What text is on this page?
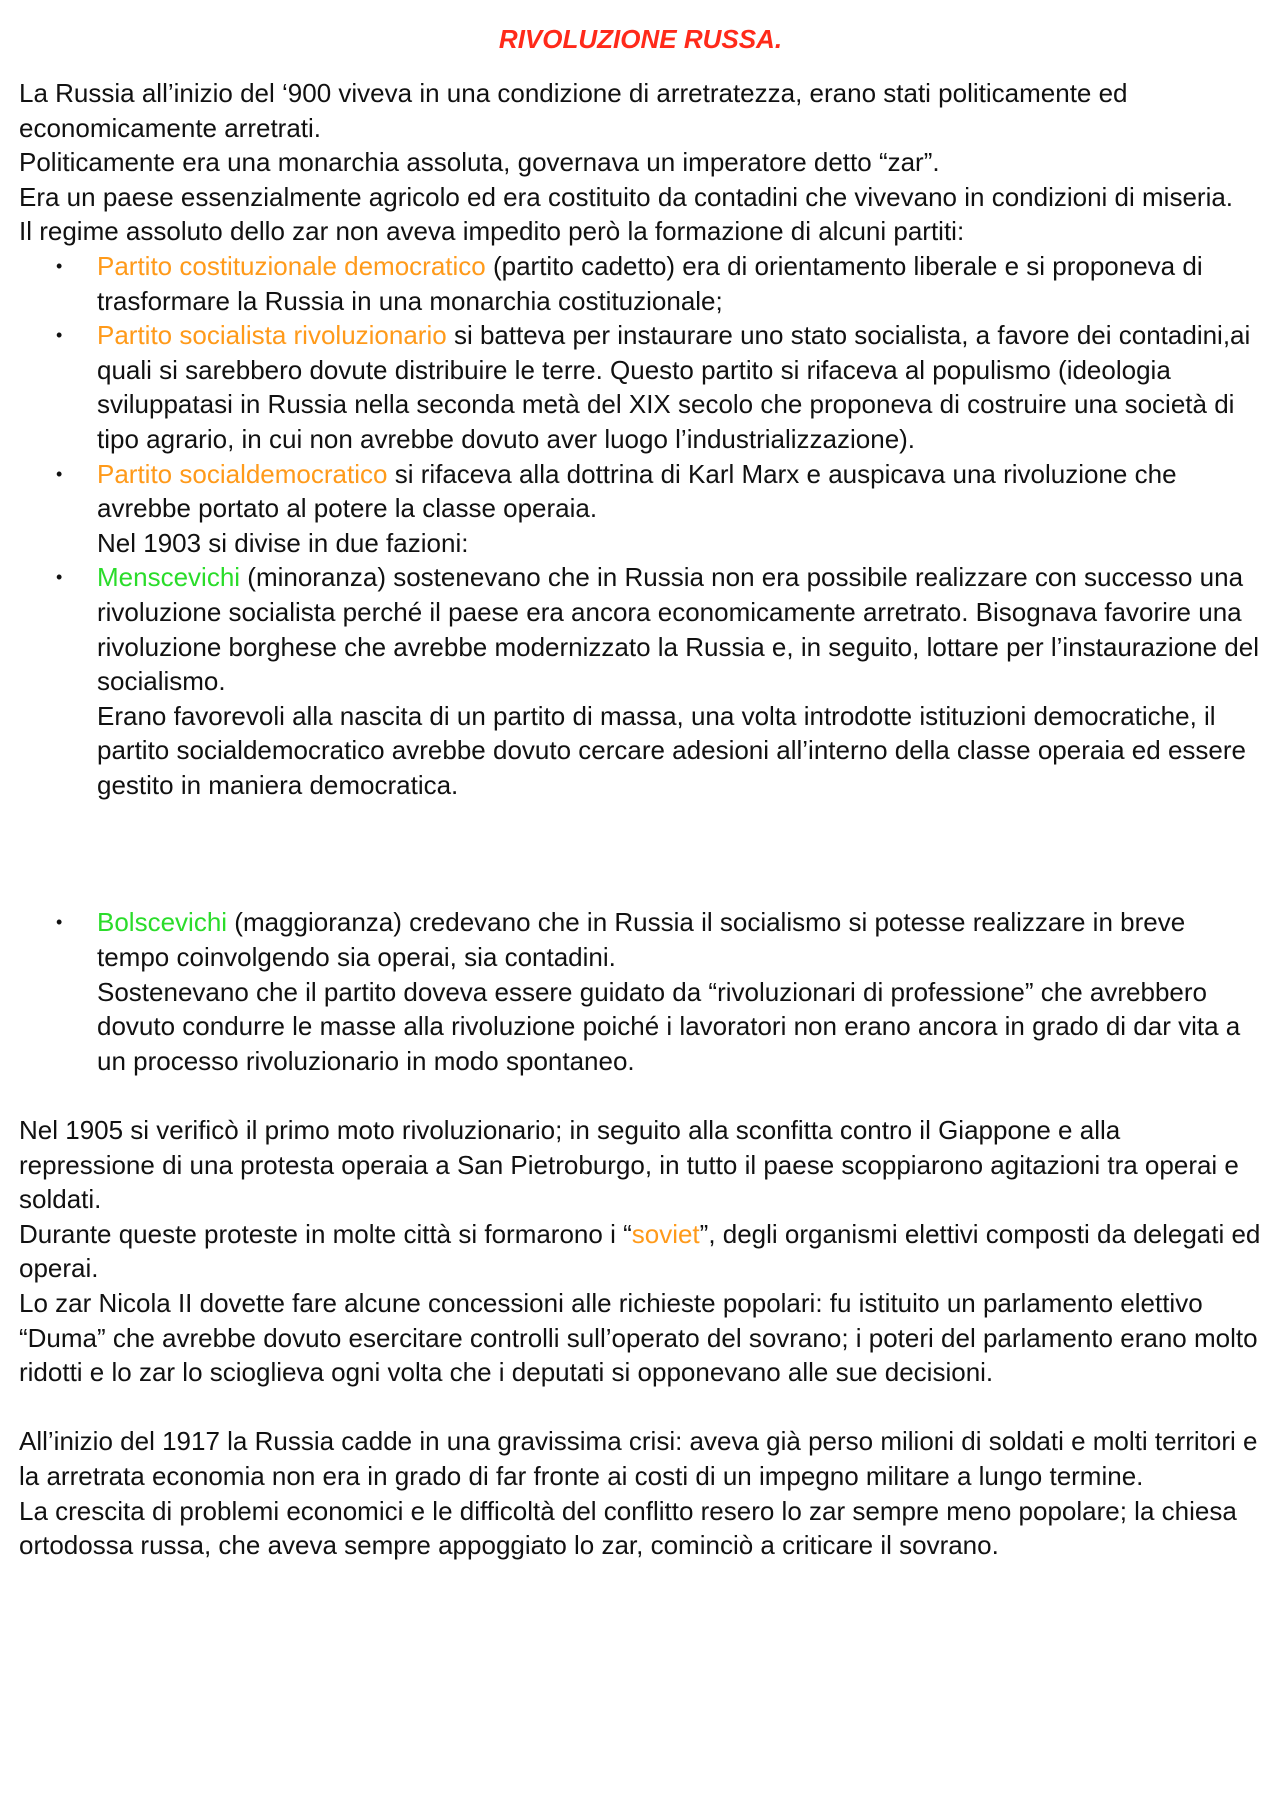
RIVOLUZIONE RUSSA.

La Russia all’inizio del ‘900 viveva in una condizione di arretratezza, erano stati politicamente ed economicamente arretrati.

Politicamente era una monarchia assoluta, governava un imperatore detto “zar”.

Era un paese essenzialmente agricolo ed era costituito da contadini che vivevano in condizioni di miseria.

Il regime assoluto dello zar non aveva impedito però la formazione di alcuni partiti:

• Partito costituzionale democratico (partito cadetto) era di orientamento liberale e si proponeva di trasformare la Russia in una monarchia costituzionale;
• Partito socialista rivoluzionario si batteva per instaurare uno stato socialista, a favore dei contadini,ai quali si sarebbero dovute distribuire le terre. Questo partito si rifaceva al populismo (ideologia sviluppatasi in Russia nella seconda metà del XIX secolo che proponeva di costruire una società di tipo agrario, in cui non avrebbe dovuto aver luogo l’industrializzazione).
• Partito socialdemocratico si rifaceva alla dottrina di Karl Marx e auspicava una rivoluzione che avrebbe portato al potere la classe operaia.
Nel 1903 si divise in due fazioni:
• Menscevichi (minoranza) sostenevano che in Russia non era possibile realizzare con successo una rivoluzione socialista perché il paese era ancora economicamente arretrato. Bisognava favorire una rivoluzione borghese che avrebbe modernizzato la Russia e, in seguito, lottare per l’instaurazione del socialismo.
Erano favorevoli alla nascita di un partito di massa, una volta introdotte istituzioni democratiche, il partito socialdemocratico avrebbe dovuto cercare adesioni all’interno della classe operaia ed essere gestito in maniera democratica.
• Bolscevichi (maggioranza) credevano che in Russia il socialismo si potesse realizzare in breve tempo coinvolgendo sia operai, sia contadini.
Sostenevano che il partito doveva essere guidato da “rivoluzionari di professione” che avrebbero dovuto condurre le masse alla rivoluzione poiché i lavoratori non erano ancora in grado di dar vita a un processo rivoluzionario in modo spontaneo.

Nel 1905 si verificò il primo moto rivoluzionario; in seguito alla sconfitta contro il Giappone e alla repressione di una protesta operaia a San Pietroburgo, in tutto il paese scoppiarono agitazioni tra operai e soldati.

Durante queste proteste in molte città si formarono i “soviet”, degli organismi elettivi composti da delegati ed operai.

Lo zar Nicola II dovette fare alcune concessioni alle richieste popolari: fu istituito un parlamento elettivo “Duma” che avrebbe dovuto esercitare controlli sull’operato del sovrano; i poteri del parlamento erano molto ridotti e lo zar lo scioglieva ogni volta che i deputati si opponevano alle sue decisioni.

All’inizio del 1917 la Russia cadde in una gravissima crisi: aveva già perso milioni di soldati e molti territori e la arretrata economia non era in grado di far fronte ai costi di un impegno militare a lungo termine.

La crescita di problemi economici e le difficoltà del conflitto resero lo zar sempre meno popolare; la chiesa ortodossa russa, che aveva sempre appoggiato lo zar, cominciò a criticare il sovrano.
